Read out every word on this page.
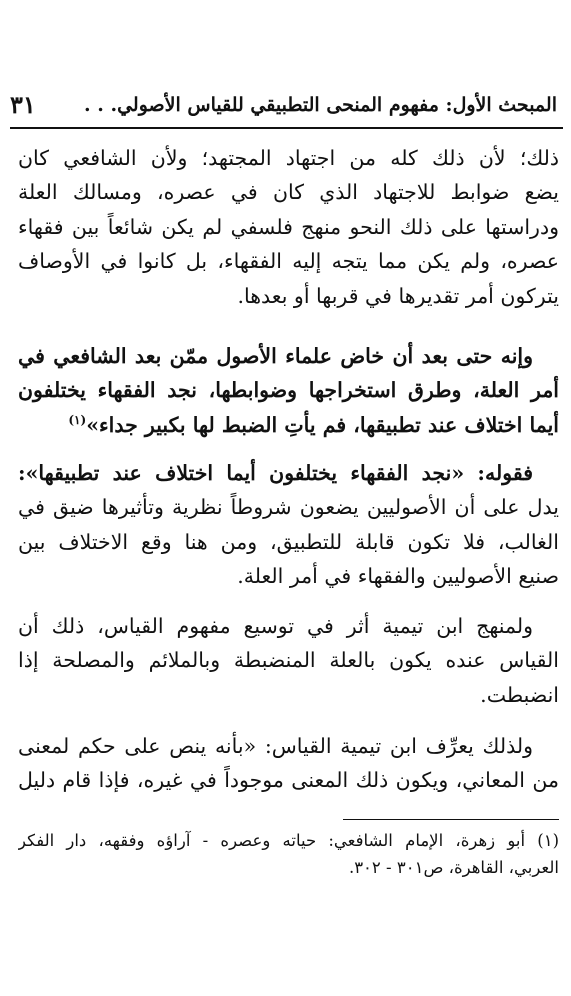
٣١	المبحث الأول: مفهوم المنحى التطبيقي للقياس الأصولي. . .
ذلك؛ لأن ذلك كله من اجتهاد المجتهد؛ ولأن الشافعي كان
يضع ضوابط للاجتهاد الذي كان في عصره، ومسالك العلة
ودراستها على ذلك النحو منهج فلسفي لم يكن شائعاً بين فقهاء
عصره، ولم يكن مما يتجه إليه الفقهاء، بل كانوا في الأوصاف
يتركون أمر تقديرها في قربها أو بعدها.
وإنه حتى بعد أن خاض علماء الأصول ممّن بعد الشافعي في
أمر العلة، وطرق استخراجها وضوابطها، نجد الفقهاء يختلفون
أيما اختلاف عند تطبيقها، فم يأتِ الضبط لها بكبير جداء»$^{(١)}$
فقوله: «نجد الفقهاء يختلفون أيما اختلاف عند تطبيقها»:
يدل على أن الأصوليين يضعون شروطاً نظرية وتأثيرها ضيق في
الغالب، فلا تكون قابلة للتطبيق، ومن هنا وقع الاختلاف بين
صنيع الأصوليين والفقهاء في أمر العلة.
ولمنهج ابن تيمية أثر في توسيع مفهوم القياس، ذلك أن
القياس عنده يكون بالعلة المنضبطة وبالملائم والمصلحة إذا
انضبطت.
ولذلك يعرِّف ابن تيمية القياس: «بأنه ينص على حكم لمعنى
من المعاني، ويكون ذلك المعنى موجوداً في غيره، فإذا قام دليل
(١) أبو زهرة، الإمام الشافعي: حياته وعصره - آراؤه وفقهه، دار الفكر
العربي، القاهرة، ص٣٠١ - ٣٠٢.
